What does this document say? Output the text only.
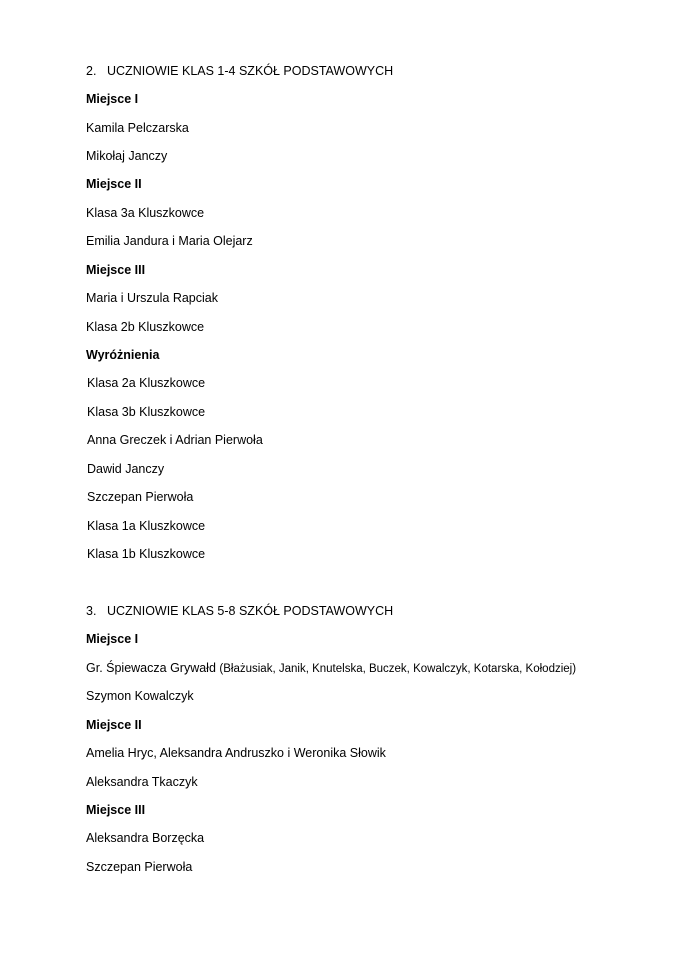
2. UCZNIOWIE KLAS 1-4 SZKÓŁ PODSTAWOWYCH
Miejsce I
Kamila Pelczarska
Mikołaj Janczy
Miejsce II
Klasa 3a Kluszkowce
Emilia Jandura i Maria Olejarz
Miejsce III
Maria i Urszula Rapciak
Klasa 2b Kluszkowce
Wyróżnienia
Klasa 2a Kluszkowce
Klasa 3b Kluszkowce
Anna Greczek i Adrian Pierwoła
Dawid Janczy
Szczepan Pierwoła
Klasa 1a Kluszkowce
Klasa 1b Kluszkowce
3. UCZNIOWIE KLAS 5-8 SZKÓŁ PODSTAWOWYCH
Miejsce I
Gr. Śpiewacza Grywałd (Błażusiak, Janik, Knutelska, Buczek, Kowalczyk, Kotarska, Kołodziej)
Szymon Kowalczyk
Miejsce II
Amelia Hryc, Aleksandra Andruszko i Weronika Słowik
Aleksandra Tkaczyk
Miejsce III
Aleksandra Borzęcka
Szczepan Pierwoła
